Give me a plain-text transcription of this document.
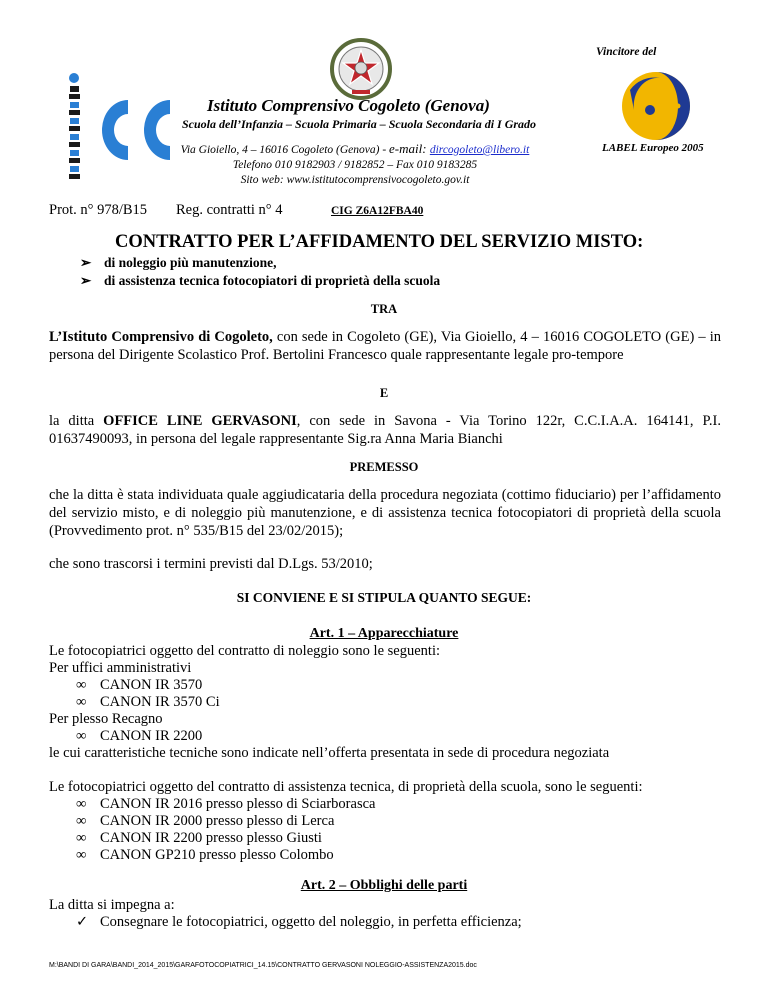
Vincitore del
Istituto Comprensivo Cogoleto (Genova)
Scuola dell’Infanzia – Scuola Primaria – Scuola Secondaria di I Grado
Via Gioiello, 4 – 16016 Cogoleto (Genova) - e-mail: dircogoleto@libero.it
Telefono 010 9182903 / 9182852 – Fax 010 9183285
Sito web: www.istitutocomprensivocogoleto.gov.it
LABEL Europeo 2005
Prot. n° 978/B15 Reg. contratti n° 4	CIG Z6A12FBA40
CONTRATTO PER L’AFFIDAMENTO DEL SERVIZIO MISTO:
➢ di noleggio più manutenzione,
➢ di assistenza tecnica fotocopiatori di proprietà della scuola
TRA
L’Istituto Comprensivo di Cogoleto, con sede in Cogoleto (GE), Via Gioiello, 4 – 16016 COGOLETO (GE) – in persona del Dirigente Scolastico Prof. Bertolini Francesco quale rappresentante legale pro-tempore
E
la ditta OFFICE LINE GERVASONI, con sede in Savona - Via Torino 122r, C.C.I.A.A. 164141, P.I. 01637490093, in persona del legale rappresentante Sig.ra Anna Maria Bianchi
PREMESSO
che la ditta è stata individuata quale aggiudicataria della procedura negoziata (cottimo fiduciario) per l’affidamento del servizio misto, e di noleggio più manutenzione, e di assistenza tecnica fotocopiatori di proprietà della scuola (Provvedimento prot. n° 535/B15 del 23/02/2015);
che sono trascorsi i termini previsti dal D.Lgs. 53/2010;
SI CONVIENE E SI STIPULA QUANTO SEGUE:
Art. 1 – Apparecchiature
Le fotocopiatrici oggetto del contratto di noleggio sono le seguenti:
Per uffici amministrativi
∞ CANON IR 3570
∞ CANON IR 3570 Ci
Per plesso Recagno
∞ CANON IR 2200
le cui caratteristiche tecniche sono indicate nell’offerta presentata in sede di procedura negoziata
Le fotocopiatrici oggetto del contratto di assistenza tecnica, di proprietà della scuola, sono le seguenti:
∞ CANON IR 2016 presso plesso di Sciarborasca
∞ CANON IR 2000 presso plesso di Lerca
∞ CANON IR 2200 presso plesso Giusti
∞ CANON GP210 presso plesso Colombo
Art. 2 – Obblighi delle parti
La ditta si impegna a:
✓ Consegnare le fotocopiatrici, oggetto del noleggio, in perfetta efficienza;
M:\BANDI DI GARA\BANDI_2014_2015\GARAFOTOCOPIATRICI_14.15\CONTRATTO GERVASONI NOLEGGIO-ASSISTENZA2015.doc
